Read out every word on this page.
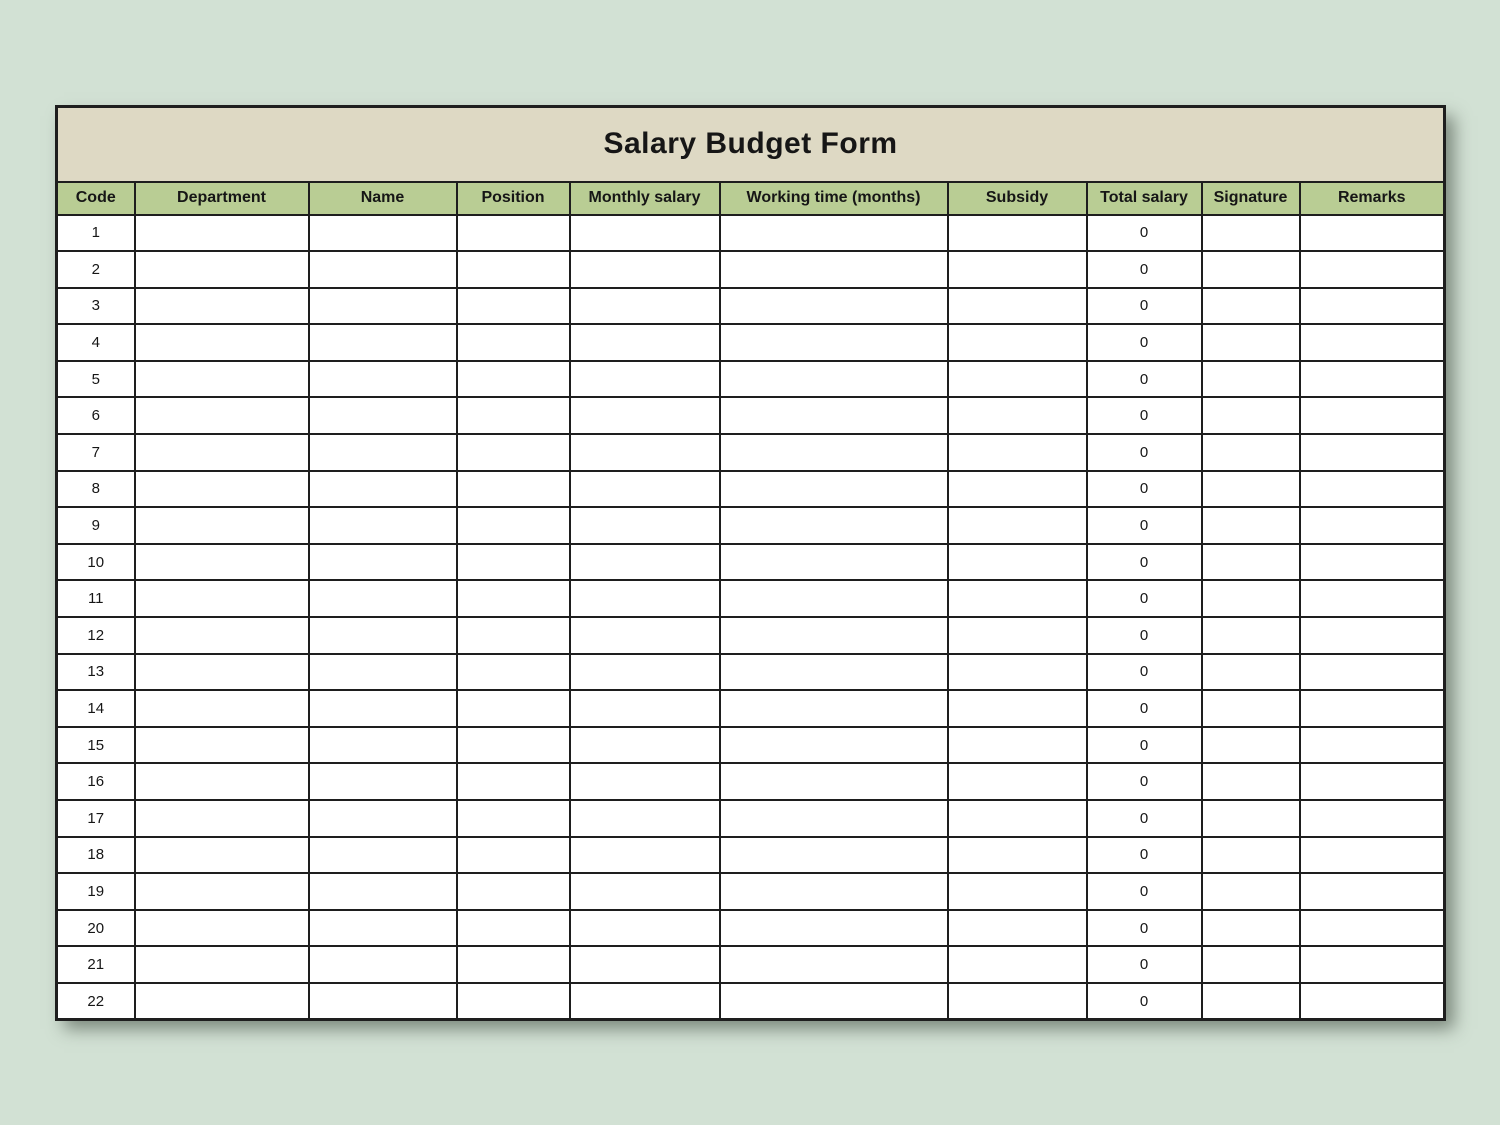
Salary Budget Form									
Code	Department	Name	Position	Monthly salary	Working time (months)	Subsidy	Total salary	Signature	Remarks
1							0		
2							0		
3							0		
4							0		
5							0		
6							0		
7							0		
8							0		
9							0		
10							0		
11							0		
12							0		
13							0		
14							0		
15							0		
16							0		
17							0		
18							0		
19							0		
20							0		
21							0		
22							0		
